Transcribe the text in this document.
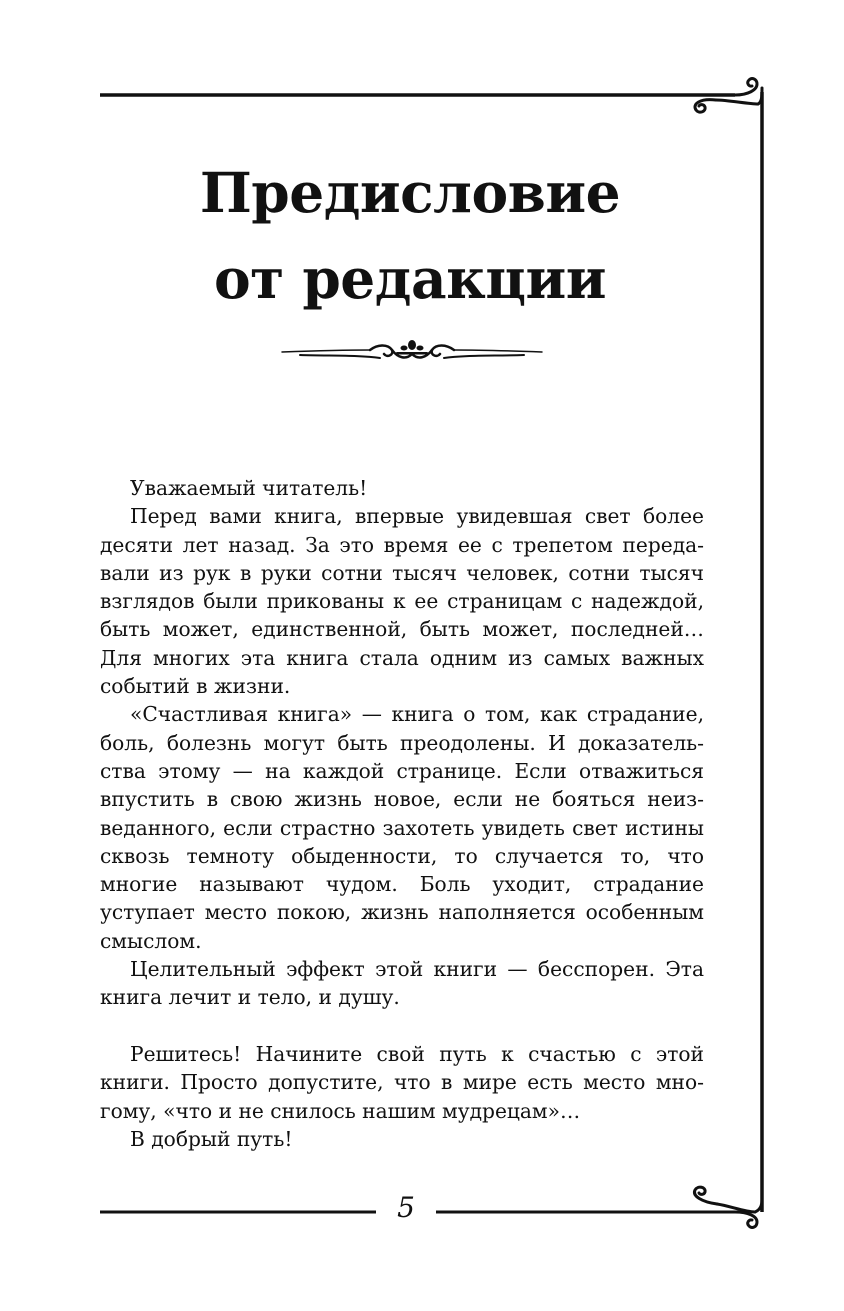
Предисловие
от редакции

Уважаемый читатель!

Перед вами книга, впервые увидевшая свет более десяти лет назад. За это время ее с трепетом передавали из рук в руки сотни тысяч человек, сотни тысяч взглядов были прикованы к ее страницам с надеждой, быть может, единственной, быть может, последней… Для многих эта книга стала одним из самых важных событий в жизни.

«Счастливая книга» — книга о том, как страдание, боль, болезнь могут быть преодолены. И доказательства этому — на каждой странице. Если отважиться впустить в свою жизнь новое, если не бояться неизведанного, если страстно захотеть увидеть свет истины сквозь темноту обыденности, то случается то, что многие называют чудом. Боль уходит, страдание уступает место покою, жизнь наполняется особенным смыслом.

Целительный эффект этой книги — бесспорен. Эта книга лечит и тело, и душу.

Решитесь! Начините свой путь к счастью с этой книги. Просто допустите, что в мире есть место многому, «что и не снилось нашим мудрецам»…

В добрый путь!

5
